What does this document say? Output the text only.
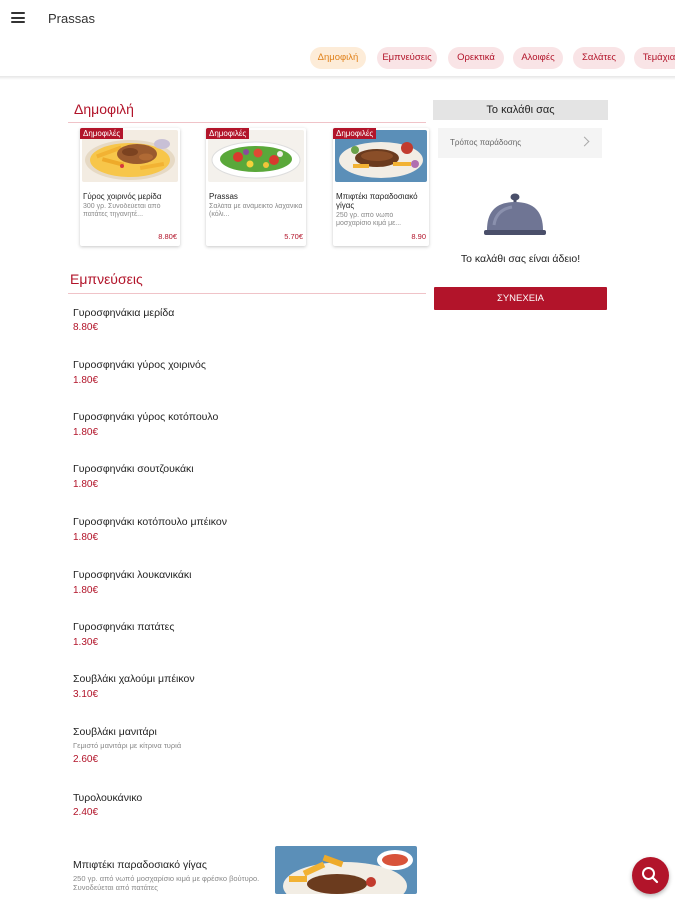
Prassas
Δημοφιλή	Εμπνεύσεις	Ορεκτικά	Αλοιφές	Σαλάτες	Τεμάχια
Δημοφιλή
Δημοφιλές
Γύρος χοιρινός μερίδα
300 γρ. Συνοδεύεται από πατάτες τηγανητέ...
8.80€
Δημοφιλές
Prassas
Σαλάτα με ανάμεικτο λαχανικά (κόλι...
5.70€
Δημοφιλές
Μπιφτέκι παραδοσιακό γίγας
250 γρ. από νωπό μοσχαρίσιο κιμά με...
8.90
Εμπνεύσεις
Γυροσφηνάκια μερίδα
8.80€
Γυροσφηνάκι γύρος χοιρινός
1.80€
Γυροσφηνάκι γύρος κοτόπουλο
1.80€
Γυροσφηνάκι σουτζουκάκι
1.80€
Γυροσφηνάκι κοτόπουλο μπέικον
1.80€
Γυροσφηνάκι λουκανικάκι
1.80€
Γυροσφηνάκι πατάτες
1.30€
Σουβλάκι χαλούμι μπέικον
3.10€
Σουβλάκι μανιτάρι
Γεμιστό μανιτάρι με κίτρινα τυριά
2.60€
Τυρολουκάνικο
2.40€
Μπιφτέκι παραδοσιακό γίγας
250 γρ. από νωπό μοσχαρίσιο κιμά με φρέσκο βούτυρο. Συνοδεύεται από πατάτες
Το καλάθι σας
Τρόπος παράδοσης
Το καλάθι σας είναι άδειο!
ΣΥΝΕΧΕΙΑ
